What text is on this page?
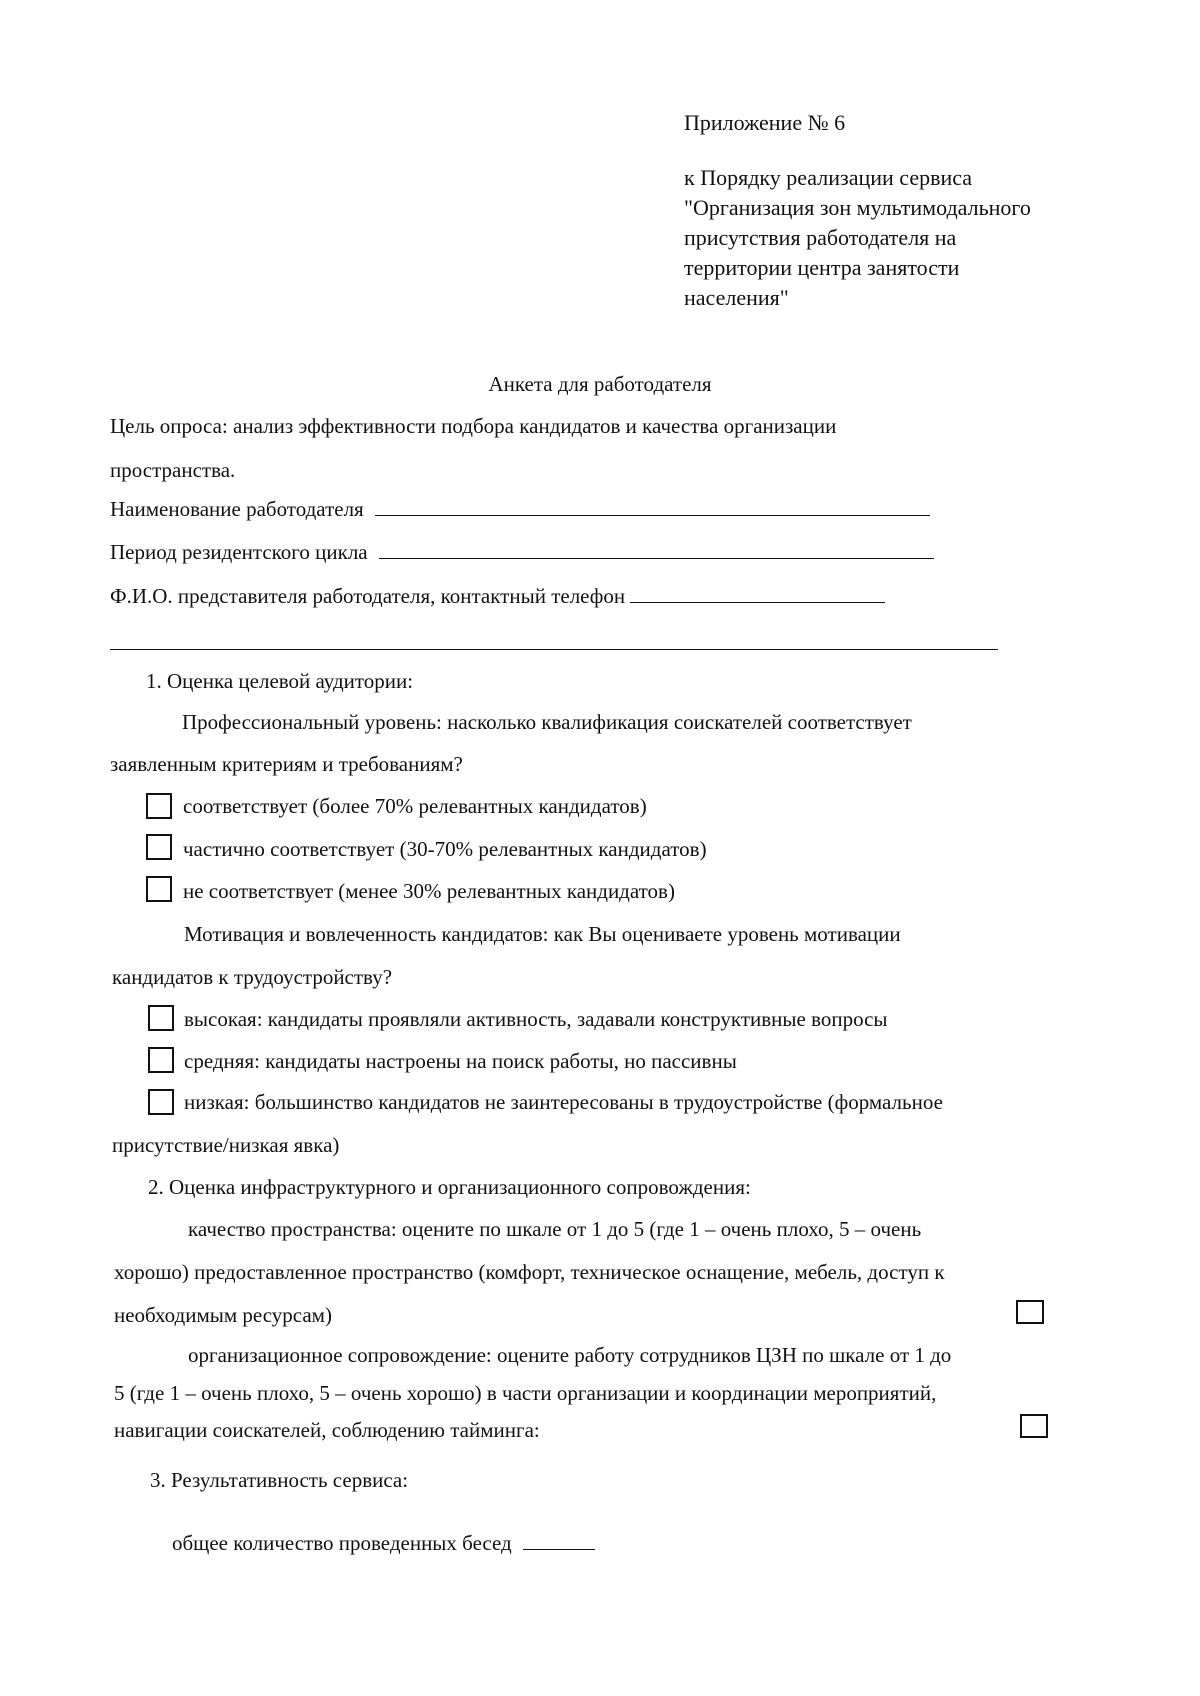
Приложение № 6
к Порядку реализации сервиса
"Организация зон мультимодального
присутствия работодателя на
территории центра занятости
населения"
Анкета для работодателя
Цель опроса: анализ эффективности подбора кандидатов и качества организации
пространства.
Наименование работодателя
Период резидентского цикла
Ф.И.О. представителя работодателя, контактный телефон
1. Оценка целевой аудитории:
Профессиональный уровень: насколько квалификация соискателей соответствует
заявленным критериям и требованиям?
соответствует (более 70% релевантных кандидатов)
частично соответствует (30-70% релевантных кандидатов)
не соответствует (менее 30% релевантных кандидатов)
Мотивация и вовлеченность кандидатов: как Вы оцениваете уровень мотивации
кандидатов к трудоустройству?
высокая: кандидаты проявляли активность, задавали конструктивные вопросы
средняя: кандидаты настроены на поиск работы, но пассивны
низкая: большинство кандидатов не заинтересованы в трудоустройстве (формальное
присутствие/низкая явка)
2. Оценка инфраструктурного и организационного сопровождения:
качество пространства: оцените по шкале от 1 до 5 (где 1 – очень плохо, 5 – очень
хорошо) предоставленное пространство (комфорт, техническое оснащение, мебель, доступ к
необходимым ресурсам)
организационное сопровождение: оцените работу сотрудников ЦЗН по шкале от 1 до
5 (где 1 – очень плохо, 5 – очень хорошо) в части организации и координации мероприятий,
навигации соискателей, соблюдению тайминга:
3. Результативность сервиса:
общее количество проведенных бесед
